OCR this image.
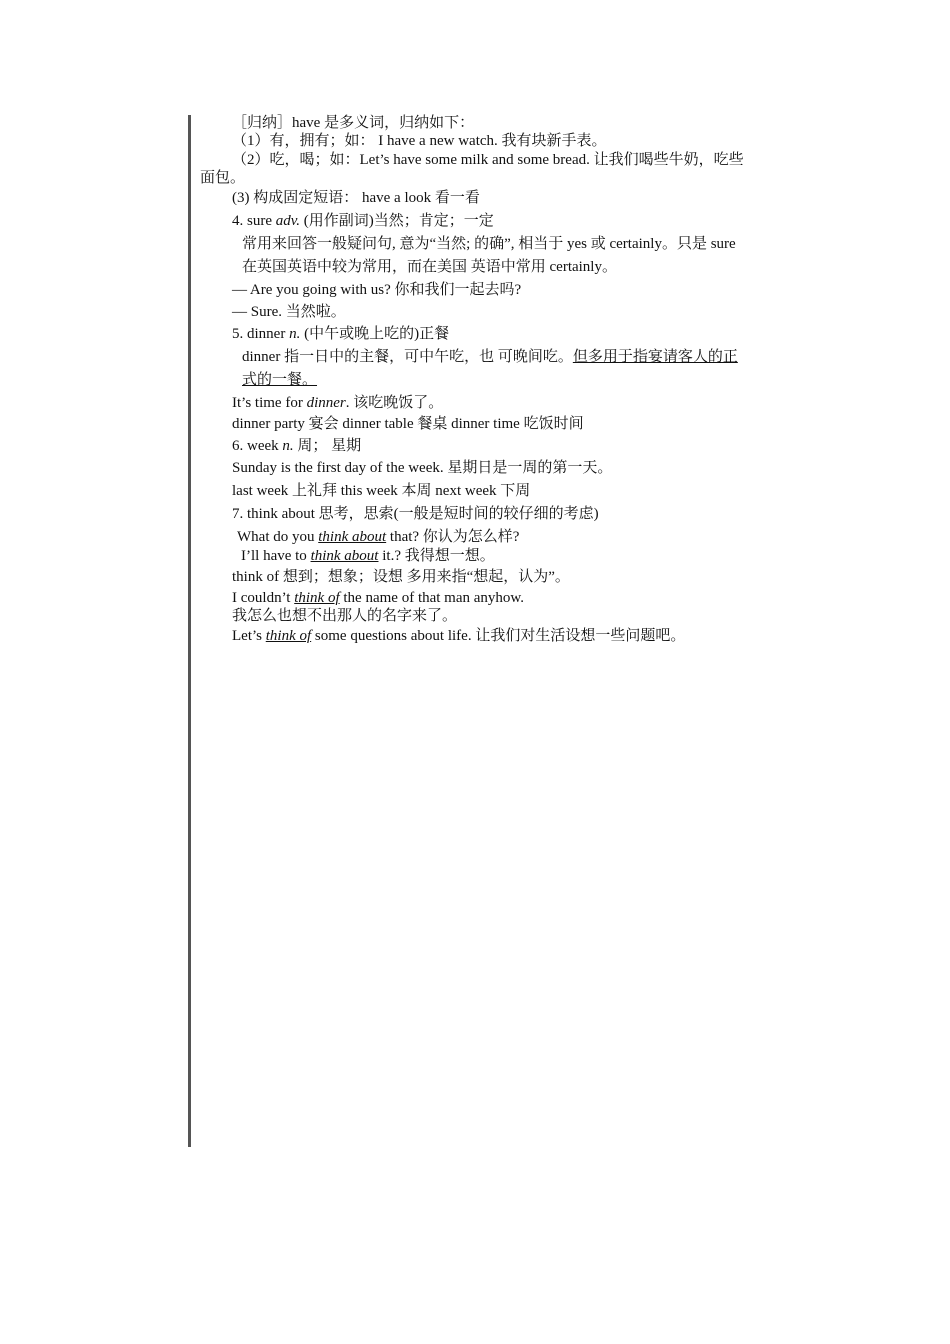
［归纳］have 是多义词，归纳如下：
（1）有，拥有；如： I have a new watch. 我有块新手表。
（2）吃，喝；如：Let’s have some milk and some bread. 让我们喝些牛奶，吃些
面包。
(3) 构成固定短语： have a look 看一看
4. sure adv. (用作副词)当然；肯定；一定
常用来回答一般疑问句, 意为“当然; 的确”, 相当于 yes 或 certainly。只是 sure
在英国英语中较为常用，而在美国 英语中常用 certainly。
— Are you going with us? 你和我们一起去吗?
— Sure. 当然啦。
5. dinner n. (中午或晚上吃的)正餐
dinner 指一日中的主餐，可中午吃，也 可晚间吃。但多用于指宴请客人的正
式的一餐。
It’s time for dinner. 该吃晚饭了。
dinner party 宴会 dinner table 餐桌 dinner time 吃饭时间
6. week n. 周； 星期
Sunday is the first day of the week. 星期日是一周的第一天。
last week 上礼拜 this week 本周 next week 下周
7. think about 思考，思索(一般是短时间的较仔细的考虑)
What do you think about that? 你认为怎么样?
I’ll have to think about it.? 我得想一想。
think of 想到；想象；设想 多用来指“想起，认为”。
I couldn’t think of the name of that man anyhow.
我怎么也想不出那人的名字来了。
Let’s think of some questions about life. 让我们对生活设想一些问题吧。
